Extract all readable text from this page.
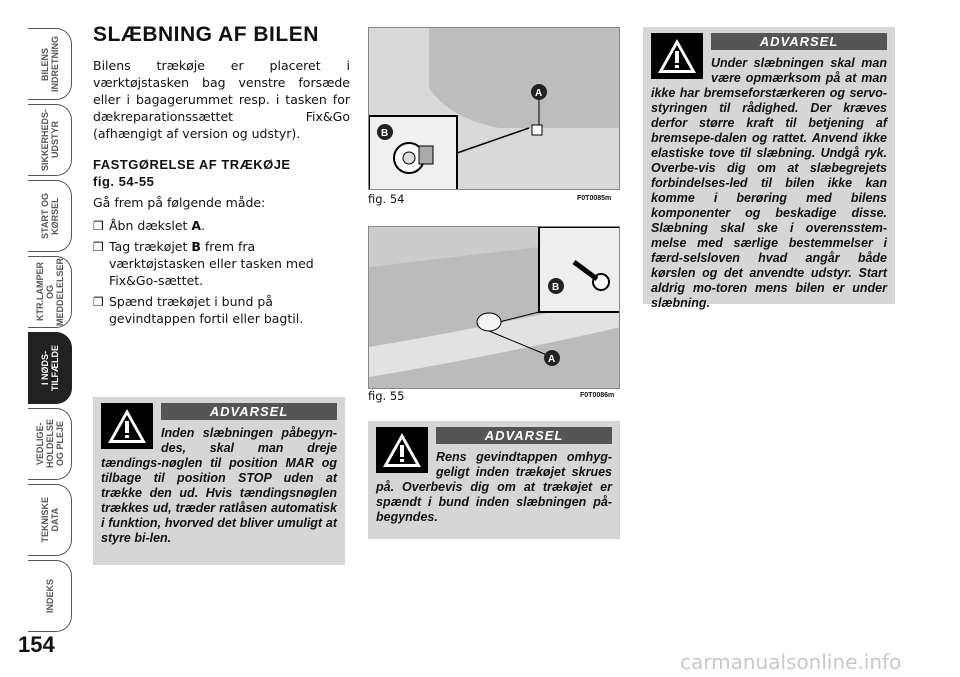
BILENS
INDRETNING
SIKKERHEDS-
UDSTYR
START OG
KØRSEL
KTR.LAMPER
OG
MEDDELELSER
I NØDS-
TILFÆLDE
VEDLIGE-
HOLDELSE
OG PLEJE
TEKNISKE
DATA
INDEKS
154
SLÆBNING AF BILEN

Bilens trækøje er placeret i værktøjstasken bag venstre forsæde eller i bagagerummet resp. i tasken for dækreparationssættet Fix&Go (afhængigt af version og udstyr).

FASTGØRELSE AF TRÆKØJE
fig. 54-55

Gå frem på følgende måde:

❒ Åbn dækslet A.
❒ Tag trækøjet B frem fra værktøjstasken eller tasken med Fix&Go-sættet.
❒ Spænd trækøjet i bund på gevindtappen fortil eller bagtil.
ADVARSEL
Inden slæbningen påbegyn-des, skal man dreje tændings-nøglen til position MAR og tilbage til position STOP uden at trække den ud. Hvis tændingsnøglen trækkes ud, træder ratlåsen automatisk i funktion, hvorved det bliver umuligt at styre bi-len.
A
B
fig. 54	F0T0085m
B
A
fig. 55	F0T0086m
ADVARSEL
Rens gevindtappen omhyg-geligt inden trækøjet skrues på. Overbevis dig om at trækøjet er spændt i bund inden slæbningen på-begyndes.
ADVARSEL
Under slæbningen skal man være opmærksom på at man ikke har bremseforstærkeren og servo-styringen til rådighed. Der kræves derfor større kraft til betjening af bremsepe-dalen og rattet. Anvend ikke elastiske tove til slæbning. Undgå ryk. Overbe-vis dig om at slæbegrejets forbindelses-led til bilen ikke kan komme i berøring med bilens komponenter og beskadige disse. Slæbning skal ske i overensstem-melse med særlige bestemmelser i færd-selsloven hvad angår både kørslen og det anvendte udstyr. Start aldrig mo-toren mens bilen er under slæbning.
carmanualsonline.info
